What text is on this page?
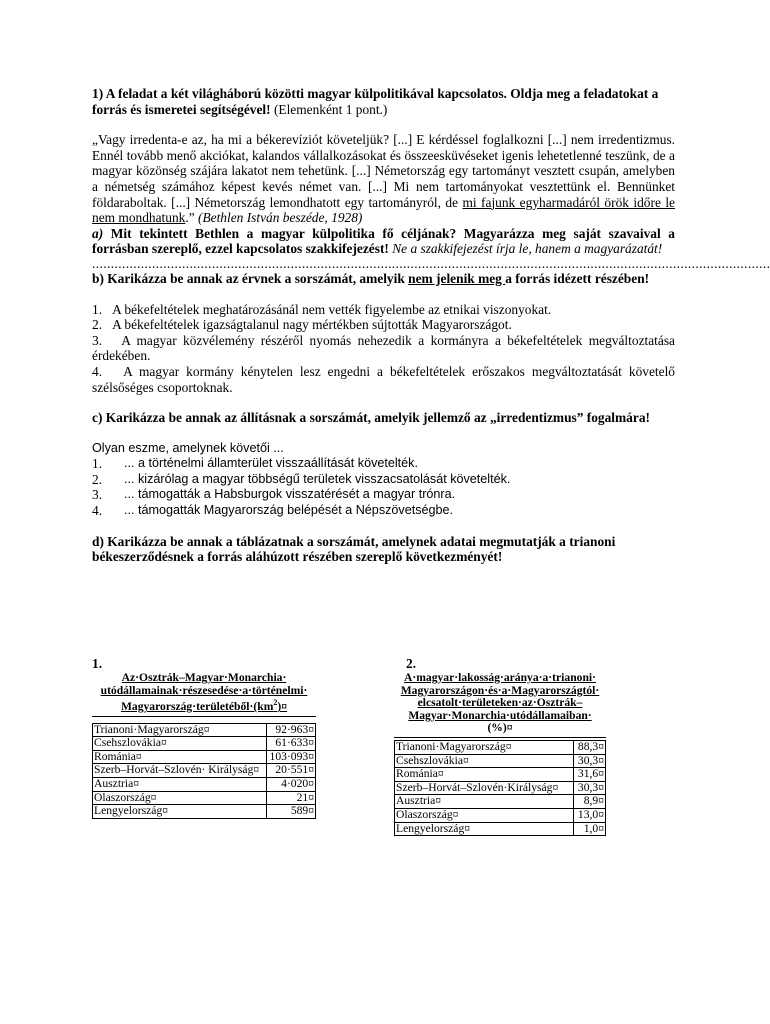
1) A feladat a két világháború közötti magyar külpolitikával kapcsolatos. Oldja meg a feladatokat a forrás és ismeretei segítségével! (Elemenként 1 pont.)

„Vagy irredenta-e az, ha mi a békerevíziót követeljük? [...] E kérdéssel foglalkozni [...] nem irredentizmus. Ennél tovább menő akciókat, kalandos vállalkozásokat és összeesküvéseket igenis lehetetlenné teszünk, de a magyar közönség szájára lakatot nem tehetünk. [...] Németország egy tartományt vesztett csupán, amelyben a németség számához képest kevés német van. [...] Mi nem tartományokat vesztettünk el. Bennünket földaraboltak. [...] Németország lemondhatott egy tartományról, de mi fajunk egyharmadáról örök időre le nem mondhatunk.” (Bethlen István beszéde, 1928)

a) Mit tekintett Bethlen a magyar külpolitika fő céljának? Magyarázza meg saját szavaival a forrásban szereplő, ezzel kapcsolatos szakkifejezést! Ne a szakkifejezést írja le, hanem a magyarázatát!

.....................................................................................................................................................................................

b) Karikázza be annak az érvnek a sorszámát, amelyik nem jelenik meg a forrás idézett részében!

1. A békefeltételek meghatározásánál nem vették figyelembe az etnikai viszonyokat.

2. A békefeltételek igazságtalanul nagy mértékben sújtották Magyarországot.

3. A magyar közvélemény részéről nyomás nehezedik a kormányra a békefeltételek megváltoztatása érdekében.

4. A magyar kormány kénytelen lesz engedni a békefeltételek erőszakos megváltoztatását követelő szélsőséges csoportoknak.

c) Karikázza be annak az állításnak a sorszámát, amelyik jellemző az „irredentizmus” fogalmára!

Olyan eszme, amelynek követői ...

1.	... a történelmi államterület visszaállítását követelték.
2.	... kizárólag a magyar többségű területek visszacsatolását követelték.
3.	... támogatták a Habsburgok visszatérését a magyar trónra.
4.	... támogatták Magyarország belépését a Népszövetségbe.

d) Karikázza be annak a táblázatnak a sorszámát, amelynek adatai megmutatják a trianoni békeszerződésnek a forrás aláhúzott részében szereplő következményét!

1.
Az·Osztrák–Magyar·Monarchia·
utódállamainak·részesedése·a·történelmi·
$Magyarország\cdot területéből\cdot(km^2)¤$
Trianoni·Magyarország¤	92·963¤
Csehszlovákia¤	61·633¤
Románia¤	103·093¤
Szerb–Horvát–Szlovén· Királyság¤	20·551¤
Ausztria¤	4·020¤
Olaszország¤	21¤
Lengyelország¤	589¤
2.
A·magyar·lakosság·aránya·a·trianoni·
Magyarországon·és·a·Magyarországtól·
elcsatolt·területeken·az·Osztrák–
Magyar·Monarchia·utódállamaiban·
(%)¤
Trianoni·Magyarország¤	88,3¤
Csehszlovákia¤	30,3¤
Románia¤	31,6¤
Szerb–Horvát–Szlovén·Királyság¤	30,3¤
Ausztria¤	8,9¤
Olaszország¤	13,0¤
Lengyelország¤	1,0¤
